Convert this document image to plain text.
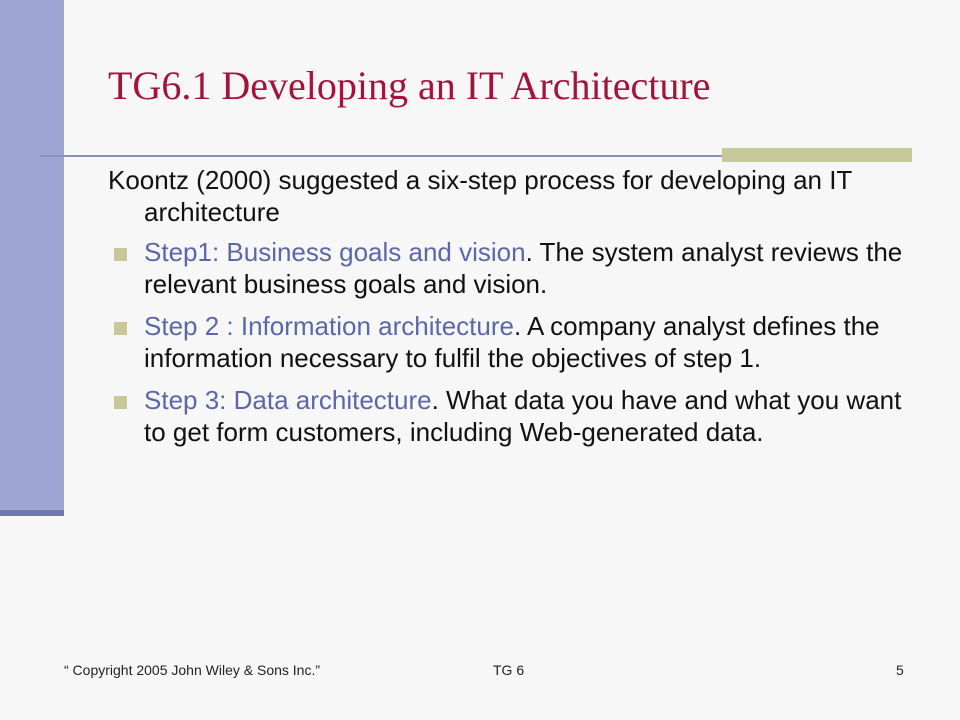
TG6.1 Developing an IT Architecture

Koontz (2000) suggested a six-step process for developing an IT architecture

Step1: Business goals and vision. The system analyst reviews the relevant business goals and vision.

Step 2 : Information architecture. A company analyst defines the information necessary to fulfil the objectives of step 1.

Step 3: Data architecture. What data you have and what you want to get form customers, including Web-generated data.

“ Copyright 2005 John Wiley & Sons Inc.”	TG 6	5
